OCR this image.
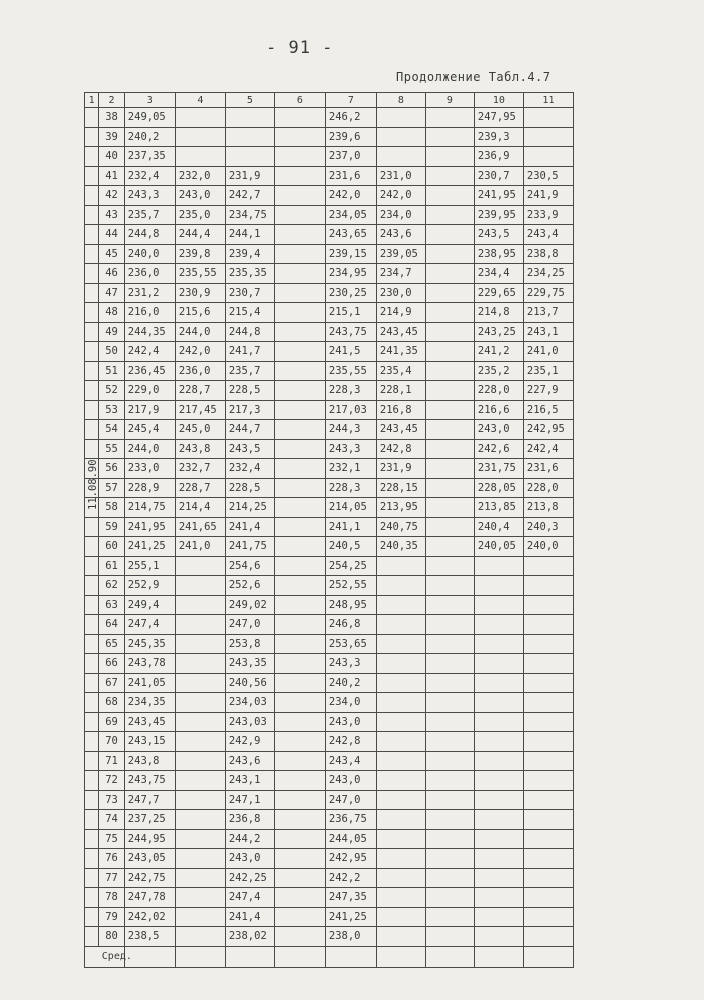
- 91 -
Продолжение Табл.4.7
1	2	3	4	5	6	7	8	9	10	11
	38	249,05				246,2			247,95	
	39	240,2				239,6			239,3	
	40	237,35				237,0			236,9	
	41	232,4	232,0	231,9		231,6	231,0		230,7	230,5
	42	243,3	243,0	242,7		242,0	242,0		241,95	241,9
	43	235,7	235,0	234,75		234,05	234,0		239,95	233,9
	44	244,8	244,4	244,1		243,65	243,6		243,5	243,4
	45	240,0	239,8	239,4		239,15	239,05		238,95	238,8
	46	236,0	235,55	235,35		234,95	234,7		234,4	234,25
	47	231,2	230,9	230,7		230,25	230,0		229,65	229,75
	48	216,0	215,6	215,4		215,1	214,9		214,8	213,7
	49	244,35	244,0	244,8		243,75	243,45		243,25	243,1
	50	242,4	242,0	241,7		241,5	241,35		241,2	241,0
	51	236,45	236,0	235,7		235,55	235,4		235,2	235,1
	52	229,0	228,7	228,5		228,3	228,1		228,0	227,9
	53	217,9	217,45	217,3		217,03	216,8		216,6	216,5
	54	245,4	245,0	244,7		244,3	243,45		243,0	242,95
	55	244,0	243,8	243,5		243,3	242,8		242,6	242,4
	56	233,0	232,7	232,4		232,1	231,9		231,75	231,6
	57	228,9	228,7	228,5		228,3	228,15		228,05	228,0
	58	214,75	214,4	214,25		214,05	213,95		213,85	213,8
	59	241,95	241,65	241,4		241,1	240,75		240,4	240,3
	60	241,25	241,0	241,75		240,5	240,35		240,05	240,0
	61	255,1		254,6		254,25				
	62	252,9		252,6		252,55				
	63	249,4		249,02		248,95				
	64	247,4		247,0		246,8				
	65	245,35		253,8		253,65				
	66	243,78		243,35		243,3				
	67	241,05		240,56		240,2				
	68	234,35		234,03		234,0				
	69	243,45		243,03		243,0				
	70	243,15		242,9		242,8				
	71	243,8		243,6		243,4				
	72	243,75		243,1		243,0				
	73	247,7		247,1		247,0				
	74	237,25		236,8		236,75				
	75	244,95		244,2		244,05				
	76	243,05		243,0		242,95				
	77	242,75		242,25		242,2				
	78	247,78		247,4		247,35				
	79	242,02		241,4		241,25				
	80	238,5		238,02		238,0				
	Сред.									
11.08.90
